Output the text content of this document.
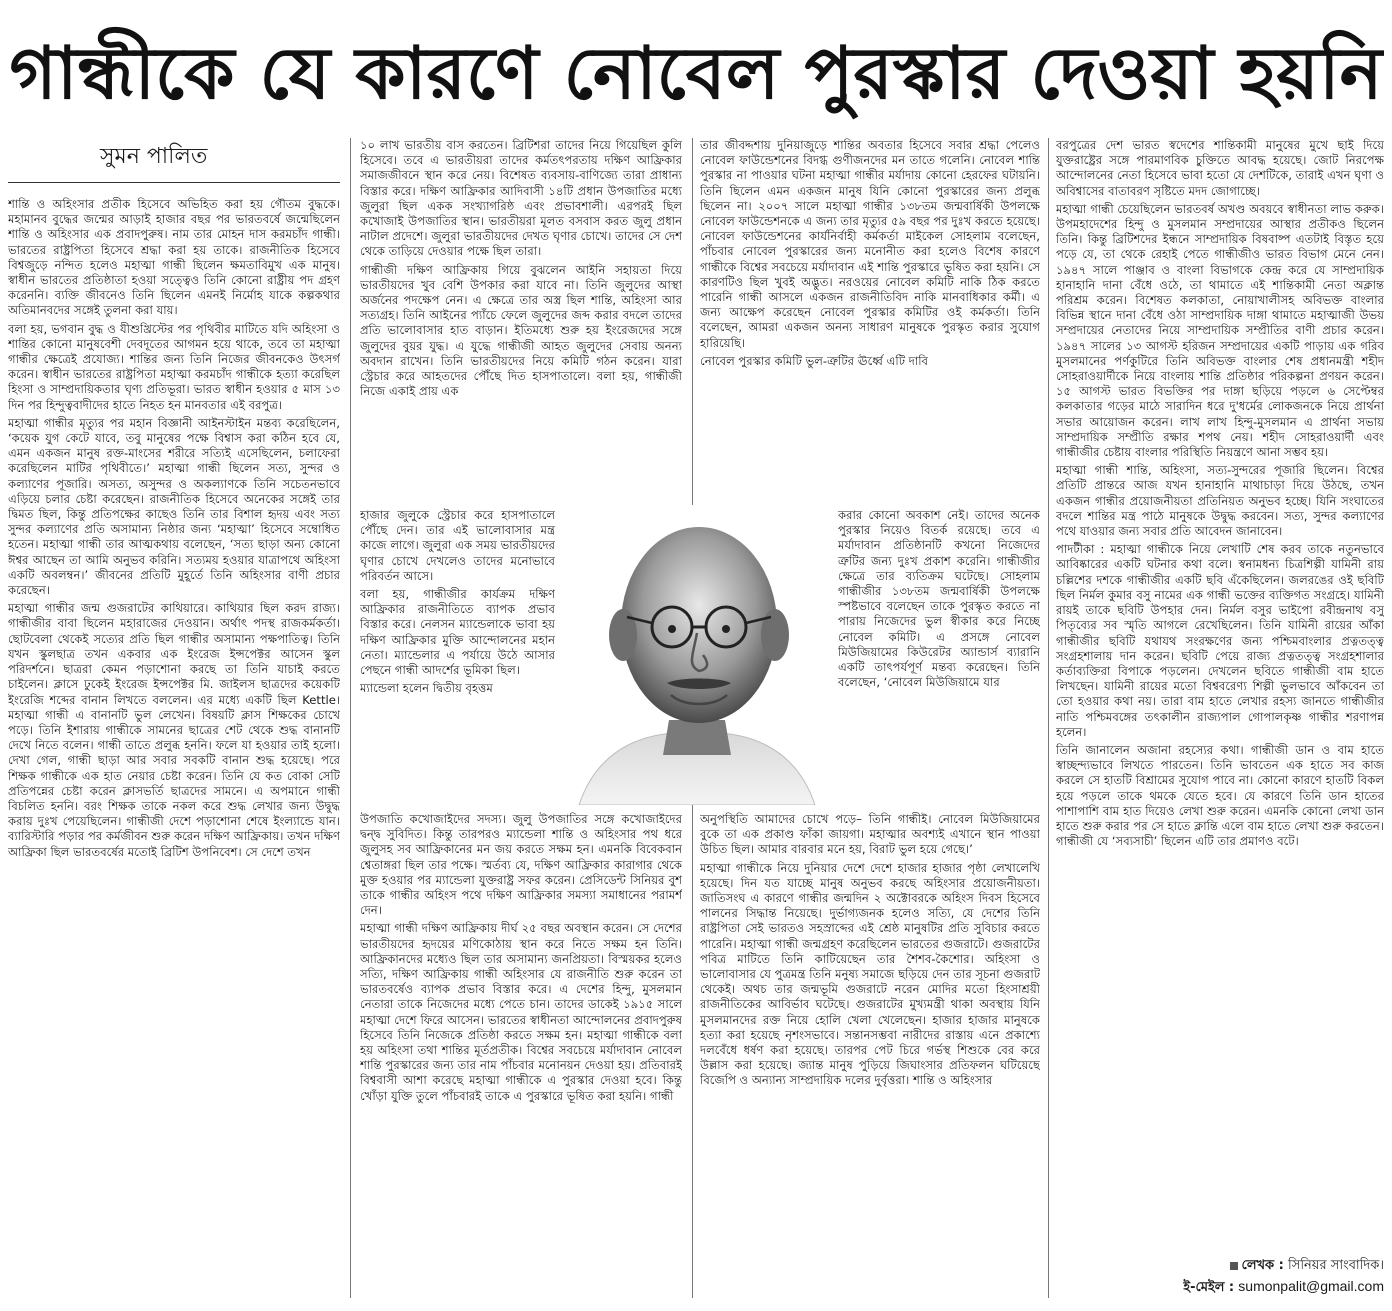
গান্ধীকে যে কারণে নোবেল পুরস্কার দেওয়া হয়নি
সুমন পালিত

শান্তি ও অহিংসার প্রতীক হিসেবে অভিহিত করা হয় গৌতম বুদ্ধকে। মহামানব বুদ্ধের জন্মের আড়াই হাজার বছর পর ভারতবর্ষে জন্মেছিলেন শান্তি ও অহিংসার এক প্রবাদপুরুষ। নাম তার মোহন দাস করমচাঁদ গান্ধী। ভারতের রাষ্ট্রপিতা হিসেবে শ্রদ্ধা করা হয় তাকে। রাজনীতিক হিসেবে বিশ্বজুড়ে নন্দিত হলেও মহাত্মা গান্ধী ছিলেন ক্ষমতাবিমুখ এক মানুষ। স্বাধীন ভারতের প্রতিষ্ঠাতা হওয়া সত্ত্বেও তিনি কোনো রাষ্ট্রীয় পদ গ্রহণ করেননি। ব্যক্তি জীবনেও তিনি ছিলেন এমনই নির্মোহ যাকে কল্পকথার অতিমানবদের সঙ্গেই তুলনা করা যায়।

বলা হয়, ভগবান বুদ্ধ ও যীশুখ্রিস্টের পর পৃথিবীর মাটিতে যদি অহিংসা ও শান্তির কোনো মানুষবেশী দেবদূতের আগমন হয়ে থাকে, তবে তা মহাত্মা গান্ধীর ক্ষেত্রেই প্রযোজ্য। শান্তির জন্য তিনি নিজের জীবনকেও উৎসর্গ করেন। স্বাধীন ভারতের রাষ্ট্রপিতা মহাত্মা করমচাঁদ গান্ধীকে হত্যা করেছিল হিংসা ও সাম্প্রদায়িকতার ঘৃণ্য প্রতিভূরা। ভারত স্বাধীন হওয়ার ৫ মাস ১৩ দিন পর হিন্দুত্ববাদীদের হাতে নিহত হন মানবতার এই বরপুত্র।

মহাত্মা গান্ধীর মৃত্যুর পর মহান বিজ্ঞানী আইনস্টাইন মন্তব্য করেছিলেন, ‘কয়েক যুগ কেটে যাবে, তবু মানুষের পক্ষে বিশ্বাস করা কঠিন হবে যে, এমন একজন মানুষ রক্ত-মাংসের শরীরে সত্যিই এসেছিলেন, চলাফেরা করেছিলেন মাটির পৃথিবীতে।’ মহাত্মা গান্ধী ছিলেন সত্য, সুন্দর ও কল্যাণের পূজারি। অসত্য, অসুন্দর ও অকল্যাণকে তিনি সচেতনভাবে এড়িয়ে চলার চেষ্টা করেছেন। রাজনীতিক হিসেবে অনেকের সঙ্গেই তার দ্বিমত ছিল, কিন্তু প্রতিপক্ষের কাছেও তিনি তার বিশাল হৃদয় এবং সত্য সুন্দর কল্যাণের প্রতি অসামান্য নিষ্ঠার জন্য ‘মহাত্মা’ হিসেবে সম্বোধিত হতেন। মহাত্মা গান্ধী তার আত্মকথায় বলেছেন, ‘সত্য ছাড়া অন্য কোনো ঈশ্বর আছেন তা আমি অনুভব করিনি। সত্যময় হওয়ার যাত্রাপথে অহিংসা একটি অবলম্বন।’ জীবনের প্রতিটি মুহূর্তে তিনি অহিংসার বাণী প্রচার করেছেন।

মহাত্মা গান্ধীর জন্ম গুজরাটের কাথিয়ারে। কাথিয়ার ছিল করদ রাজ্য। গান্ধীজীর বাবা ছিলেন মহারাজের দেওয়ান। অর্থাৎ পদস্থ রাজকর্মকর্তা। ছোটবেলা থেকেই সত্যের প্রতি ছিল গান্ধীর অসামান্য পক্ষপাতিত্ব। তিনি যখন স্কুলছাত্র তখন একবার এক ইংরেজ ইন্সপেক্টর আসেন স্কুল পরিদর্শনে। ছাত্ররা কেমন পড়াশোনা করছে তা তিনি যাচাই করতে চাইলেন। ক্লাসে ঢুকেই ইংরেজ ইন্সপেক্টর মি. জাইলস ছাত্রদের কয়েকটি ইংরেজি শব্দের বানান লিখতে বললেন। এর মধ্যে একটি ছিল Kettle। মহাত্মা গান্ধী এ বানানটি ভুল লেখেন। বিষয়টি ক্লাস শিক্ষকের চোখে পড়ে। তিনি ইশারায় গান্ধীকে সামনের ছাত্রের শেট থেকে শুদ্ধ বানানটি দেখে নিতে বলেন। গান্ধী তাতে প্রলুব্ধ হননি। ফলে যা হওয়ার তাই হলো। দেখা গেল, গান্ধী ছাড়া আর সবার সবকটি বানান শুদ্ধ হয়েছে। পরে শিক্ষক গান্ধীকে এক হাত নেয়ার চেষ্টা করেন। তিনি যে কত বোকা সেটি প্রতিপন্নের চেষ্টা করেন ক্লাসভর্তি ছাত্রদের সামনে। এ অপমানে গান্ধী বিচলিত হননি। বরং শিক্ষক তাকে নকল করে শুদ্ধ লেখার জন্য উদ্বুদ্ধ করায় দুঃখ পেয়েছিলেন। গান্ধীজী দেশে পড়াশোনা শেষে ইংল্যান্ডে যান। ব্যারিস্টারি পড়ার পর কর্মজীবন শুরু করেন দক্ষিণ আফ্রিকায়। তখন দক্ষিণ আফ্রিকা ছিল ভারতবর্ষের মতোই ব্রিটিশ উপনিবেশ। সে দেশে তখন

১০ লাখ ভারতীয় বাস করতেন। ব্রিটিশরা তাদের নিয়ে গিয়েছিল কুলি হিসেবে। তবে এ ভারতীয়রা তাদের কর্মতৎপরতায় দক্ষিণ আফ্রিকার সমাজজীবনে স্থান করে নেয়। বিশেষত ব্যবসায়-বাণিজ্যে তারা প্রাধান্য বিস্তার করে। দক্ষিণ আফ্রিকার আদিবাসী ১৪টি প্রধান উপজাতির মধ্যে জুলুরা ছিল একক সংখ্যাগরিষ্ঠ এবং প্রভাবশালী। এরপরই ছিল কখোজাই উপজাতির স্থান। ভারতীয়রা মূলত বসবাস করত জুলু প্রধান নাটাল প্রদেশে। জুলুরা ভারতীয়দের দেখত ঘৃণার চোখে। তাদের সে দেশ থেকে তাড়িয়ে দেওয়ার পক্ষে ছিল তারা।

গান্ধীজী দক্ষিণ আফ্রিকায় গিয়ে বুঝলেন আইনি সহায়তা দিয়ে ভারতীয়দের খুব বেশি উপকার করা যাবে না। তিনি জুলুদের আস্থা অর্জনের পদক্ষেপ নেন। এ ক্ষেত্রে তার অস্ত্র ছিল শান্তি, অহিংসা আর সত্যগ্রহ। তিনি আইনের প্যাঁচে ফেলে জুলুদের জব্দ করার বদলে তাদের প্রতি ভালোবাসার হাত বাড়ান। ইতিমধ্যে শুরু হয় ইংরেজদের সঙ্গে জুলুদের বুয়র যুদ্ধ। এ যুদ্ধে গান্ধীজী আহত জুলুদের সেবায় অনন্য অবদান রাখেন। তিনি ভারতীয়দের নিয়ে কমিটি গঠন করেন। যারা স্ট্রেচার করে আহতদের পৌঁছে দিত হাসপাতালে। বলা হয়, গান্ধীজী নিজে একাই প্রায় এক

হাজার জুলুকে স্ট্রেচার করে হাসপাতালে পৌঁছে দেন। তার এই ভালোবাসার মন্ত্র কাজে লাগে। জুলুরা এক সময় ভারতীয়দের ঘৃণার চোখে দেখলেও তাদের মনোভাবে পরিবর্তন আসে।

বলা হয়, গান্ধীজীর কার্যক্রম দক্ষিণ আফ্রিকার রাজনীতিতে ব্যাপক প্রভাব বিস্তার করে। নেলসন ম্যান্ডেলাকে ভাবা হয় দক্ষিণ আফ্রিকার মুক্তি আন্দোলনের মহান নেতা। ম্যান্ডেলার এ পর্যায়ে উঠে আসার পেছনে গান্ধী আদর্শের ভূমিকা ছিল।

ম্যান্ডেলা হলেন দ্বিতীয় বৃহত্তম

উপজাতি কখোজাইদের সদস্য। জুলু উপজাতির সঙ্গে কখোজাইদের দ্বন্দ্ব সুবিদিত। কিন্তু তারপরও ম্যান্ডেলা শান্তি ও অহিংসার পথ ধরে জুলুসহ সব আফ্রিকানের মন জয় করতে সক্ষম হন। এমনকি বিবেকবান শ্বেতাঙ্গরা ছিল তার পক্ষে। স্মর্তব্য যে, দক্ষিণ আফ্রিকার কারাগার থেকে মুক্ত হওয়ার পর ম্যান্ডেলা যুক্তরাষ্ট্র সফর করেন। প্রেসিডেন্ট সিনিয়র বুশ তাকে গান্ধীর অহিংস পথে দক্ষিণ আফ্রিকার সমস্যা সমাধানের পরামর্শ দেন।

মহাত্মা গান্ধী দক্ষিণ আফ্রিকায় দীর্ঘ ২৫ বছর অবস্থান করেন। সে দেশের ভারতীয়দের হৃদয়ের মণিকোঠায় স্থান করে নিতে সক্ষম হন তিনি। আফ্রিকানদের মধ্যেও ছিল তার অসামান্য জনপ্রিয়তা। বিস্ময়কর হলেও সত্যি, দক্ষিণ আফ্রিকায় গান্ধী অহিংসার যে রাজনীতি শুরু করেন তা ভারতবর্ষেও ব্যাপক প্রভাব বিস্তার করে। এ দেশের হিন্দু, মুসলমান নেতারা তাকে নিজেদের মধ্যে পেতে চান। তাদের ডাকেই ১৯১৫ সালে মহাত্মা দেশে ফিরে আসেন। ভারতের স্বাধীনতা আন্দোলনের প্রবাদপুরুষ হিসেবে তিনি নিজেকে প্রতিষ্ঠা করতে সক্ষম হন। মহাত্মা গান্ধীকে বলা হয় অহিংসা তথা শান্তির মূর্তপ্রতীক। বিশ্বের সবচেয়ে মর্যাদাবান নোবেল শান্তি পুরস্কারের জন্য তার নাম পাঁচবার মনোনয়ন দেওয়া হয়। প্রতিবারই বিশ্ববাসী আশা করেছে মহাত্মা গান্ধীকে এ পুরস্কার দেওয়া হবে। কিন্তু খোঁড়া যুক্তি তুলে পাঁচবারই তাকে এ পুরস্কারে ভূষিত করা হয়নি। গান্ধী

তার জীবদ্দশায় দুনিয়াজুড়ে শান্তির অবতার হিসেবে সবার শ্রদ্ধা পেলেও নোবেল ফাউন্ডেশনের বিদগ্ধ গুণীজনদের মন তাতে গলেনি। নোবেল শান্তি পুরস্কার না পাওয়ার ঘটনা মহাত্মা গান্ধীর মর্যাদায় কোনো হেরফের ঘটায়নি। তিনি ছিলেন এমন একজন মানুষ যিনি কোনো পুরস্কারের জন্য প্রলুব্ধ ছিলেন না। ২০০৭ সালে মহাত্মা গান্ধীর ১৩৮তম জন্মবার্ষিকী উপলক্ষে নোবেল ফাউন্ডেশনকে এ জন্য তার মৃত্যুর ৫৯ বছর পর দুঃখ করতে হয়েছে। নোবেল ফাউন্ডেশনের কার্যনির্বাহী কর্মকর্তা মাইকেল সোহলাম বলেছেন, পাঁচবার নোবেল পুরস্কারের জন্য মনোনীত করা হলেও বিশেষ কারণে গান্ধীকে বিশ্বের সবচেয়ে মর্যাদাবান এই শান্তি পুরস্কারে ভূষিত করা হয়নি। সে কারণটিও ছিল খুবই অদ্ভুত। নরওয়ের নোবেল কমিটি নাকি ঠিক করতে পারেনি গান্ধী আসলে একজন রাজনীতিবিদ নাকি মানবাধিকার কর্মী। এ জন্য আক্ষেপ করেছেন নোবেল পুরস্কার কমিটির ওই কর্মকর্তা। তিনি বলেছেন, আমরা একজন অনন্য সাধারণ মানুষকে পুরস্কৃত করার সুযোগ হারিয়েছি।

নোবেল পুরস্কার কমিটি ভুল-ত্রুটির ঊর্ধ্বে এটি দাবি

করার কোনো অবকাশ নেই। তাদের অনেক পুরস্কার নিয়েও বিতর্ক রয়েছে। তবে এ মর্যাদাবান প্রতিষ্ঠানটি কখনো নিজেদের ত্রুটির জন্য দুঃখ প্রকাশ করেনি। গান্ধীজীর ক্ষেত্রে তার ব্যতিক্রম ঘটেছে। সোহলাম গান্ধীজীর ১৩৮তম জন্মবার্ষিকী উপলক্ষে স্পষ্টভাবে বলেছেন তাকে পুরস্কৃত করতে না পারায় নিজেদের ভুল স্বীকার করে নিচ্ছে নোবেল কমিটি। এ প্রসঙ্গে নোবেল মিউজিয়ামের কিউরেটর অ্যান্ডার্স ব্যারানি একটি তাৎপর্যপূর্ণ মন্তব্য করেছেন। তিনি বলেছেন, ‘নোবেল মিউজিয়ামে যার

অনুপস্থিতি আমাদের চোখে পড়ে– তিনি গান্ধীই। নোবেল মিউজিয়ামের বুকে তা এক প্রকাণ্ড ফাঁকা জায়গা। মহাত্মার অবশ্যই এখানে স্থান পাওয়া উচিত ছিল। আমার বারবার মনে হয়, বিরাট ভুল হয়ে গেছে।’

মহাত্মা গান্ধীকে নিয়ে দুনিয়ার দেশে দেশে হাজার হাজার পৃষ্ঠা লেখালেখি হয়েছে। দিন যত যাচ্ছে মানুষ অনুভব করছে অহিংসার প্রয়োজনীয়তা। জাতিসংঘ এ কারণে গান্ধীর জন্মদিন ২ অক্টোবরকে অহিংস দিবস হিসেবে পালনের সিদ্ধান্ত নিয়েছে। দুর্ভাগ্যজনক হলেও সত্যি, যে দেশের তিনি রাষ্ট্রপিতা সেই ভারতও সহস্রাব্দের এই শ্রেষ্ঠ মানুষটির প্রতি সুবিচার করতে পারেনি। মহাত্মা গান্ধী জন্মগ্রহণ করেছিলেন ভারতের গুজরাটে। গুজরাটের পবিত্র মাটিতে তিনি কাটিয়েছেন তার শৈশব-কৈশোর। অহিংসা ও ভালোবাসার যে পুত্রমন্ত্র তিনি মনুষ্য সমাজে ছড়িয়ে দেন তার সূচনা গুজরাট থেকেই। অথচ তার জন্মভূমি গুজরাটে নরেন মোদির মতো হিংসাশ্রয়ী রাজনীতিকের আবির্ভাব ঘটেছে। গুজরাটের মুখ্যমন্ত্রী থাকা অবস্থায় যিনি মুসলমানদের রক্ত নিয়ে হোলি খেলা খেলেছেন। হাজার হাজার মানুষকে হত্যা করা হয়েছে নৃশংসভাবে। সন্তানসম্ভবা নারীদের রাস্তায় এনে প্রকাশ্যে দলবেঁধে ধর্ষণ করা হয়েছে। তারপর পেট চিরে গর্ভস্থ শিশুকে বের করে উল্লাস করা হয়েছে। জ্যান্ত মানুষ পুড়িয়ে জিঘাংসার প্রতিফলন ঘটিয়েছে বিজেপি ও অন্যান্য সাম্প্রদায়িক দলের দুর্বৃত্তরা। শান্তি ও অহিংসার

বরপুত্রের দেশ ভারত স্বদেশের শান্তিকামী মানুষের মুখে ছাই দিয়ে যুক্তরাষ্ট্রের সঙ্গে পারমাণবিক চুক্তিতে আবদ্ধ হয়েছে। জোট নিরপেক্ষ আন্দোলনের নেতা হিসেবে ভাবা হতো যে দেশটিকে, তারাই এখন ঘৃণা ও অবিশ্বাসের বাতাবরণ সৃষ্টিতে মদদ জোগাচ্ছে।

মহাত্মা গান্ধী চেয়েছিলেন ভারতবর্ষ অখণ্ড অবয়বে স্বাধীনতা লাভ করুক। উপমহাদেশের হিন্দু ও মুসলমান সম্প্রদায়ের আস্থার প্রতীকও ছিলেন তিনি। কিন্তু ব্রিটিশদের ইন্ধনে সাম্প্রদায়িক বিষবাষ্প এতটাই বিস্তৃত হয়ে পড়ে যে, তা থেকে রেহাই পেতে গান্ধীজীও ভারত বিভাগ মেনে নেন। ১৯৪৭ সালে পাঞ্জাব ও বাংলা বিভাগকে কেন্দ্র করে যে সাম্প্রদায়িক হানাহানি দানা বেঁধে ওঠে, তা থামাতে এই শান্তিকামী নেতা অক্লান্ত পরিশ্রম করেন। বিশেষত কলকাতা, নোয়াখালীসহ অবিভক্ত বাংলার বিভিন্ন স্থানে দানা বেঁধে ওঠা সাম্প্রদায়িক দাঙ্গা থামাতে মহাত্মাজী উভয় সম্প্রদায়ের নেতাদের নিয়ে সাম্প্রদায়িক সম্প্রীতির বাণী প্রচার করেন। ১৯৪৭ সালের ১৩ আগস্ট হরিজন সম্প্রদায়ের একটি পাড়ায় এক গরিব মুসলমানের পর্ণকুটিরে তিনি অবিভক্ত বাংলার শেষ প্রধানমন্ত্রী শহীদ সোহরাওয়ার্দীকে নিয়ে বাংলায় শান্তি প্রতিষ্ঠার পরিকল্পনা প্রণয়ন করেন। ১৫ আগস্ট ভারত বিভক্তির পর দাঙ্গা ছড়িয়ে পড়লে ৬ সেপ্টেম্বর কলকাতার গড়ের মাঠে সারাদিন ধরে দু'ধর্মের লোকজনকে নিয়ে প্রার্থনা সভার আয়োজন করেন। লাখ লাখ হিন্দু-মুসলমান এ প্রার্থনা সভায় সাম্প্রদায়িক সম্প্রীতি রক্ষার শপথ নেয়। শহীদ সোহরাওয়ার্দী এবং গান্ধীজীর চেষ্টায় বাংলার পরিস্থিতি নিয়ন্ত্রণে আনা সম্ভব হয়।

মহাত্মা গান্ধী শান্তি, অহিংসা, সত্য-সুন্দরের পূজারি ছিলেন। বিশ্বের প্রতিটি প্রান্তরে আজ যখন হানাহানি মাথাচাড়া দিয়ে উঠছে, তখন একজন গান্ধীর প্রয়োজনীয়তা প্রতিনিয়ত অনুভব হচ্ছে। যিনি সংঘাতের বদলে শান্তির মন্ত্র পাঠে মানুষকে উদ্বুদ্ধ করবেন। সত্য, সুন্দর কল্যাণের পথে যাওয়ার জন্য সবার প্রতি আবেদন জানাবেন।

পাদটীকা : মহাত্মা গান্ধীকে নিয়ে লেখাটি শেষ করব তাকে নতুনভাবে আবিষ্কারের একটি ঘটনার কথা বলে। স্বনামধন্য চিত্রশিল্পী যামিনী রায় চল্লিশের দশকে গান্ধীজীর একটি ছবি এঁকেছিলেন। জলরঙের ওই ছবিটি ছিল নির্মল কুমার বসু নামের এক গান্ধী ভক্তের ব্যক্তিগত সংগ্রহে। যামিনী রায়ই তাকে ছবিটি উপহার দেন। নির্মল বসুর ভাইপো রবীন্দ্রনাথ বসু পিতৃব্যের সব স্মৃতি আগলে রেখেছিলেন। তিনি যামিনী রায়ের আঁকা গান্ধীজীর ছবিটি যথাযথ সংরক্ষণের জন্য পশ্চিমবাংলার প্রত্নতত্ত্ব সংগ্রহশালায় দান করেন। ছবিটি পেয়ে রাজ্য প্রত্নতত্ত্ব সংগ্রহশালার কর্তাব্যক্তিরা বিপাকে পড়লেন। দেখলেন ছবিতে গান্ধীজী বাম হাতে লিখছেন। যামিনী রায়ের মতো বিশ্ববরেণ্য শিল্পী ভুলভাবে আঁকবেন তা তো হওয়ার কথা নয়। তারা বাম হাতে লেখার রহস্য জানতে গান্ধীজীর নাতি পশ্চিমবঙ্গের তৎকালীন রাজ্যপাল গোপালকৃষ্ণ গান্ধীর শরণাপন্ন হলেন।

তিনি জানালেন অজানা রহস্যের কথা। গান্ধীজী ডান ও বাম হাতে স্বাচ্ছন্দ্যভাবে লিখতে পারতেন। তিনি ভাবতেন এক হাতে সব কাজ করলে সে হাতটি বিশ্রামের সুযোগ পাবে না। কোনো কারণে হাতটি বিকল হয়ে পড়লে তাকে থমকে যেতে হবে। যে কারণে তিনি ডান হাতের পাশাপাশি বাম হাত দিয়েও লেখা শুরু করেন। এমনকি কোনো লেখা ডান হাতে শুরু করার পর সে হাতে ক্লান্তি এলে বাম হাতে লেখা শুরু করতেন। গান্ধীজী যে ‘সব্যসাচী’ ছিলেন এটি তার প্রমাণও বটে।

লেখক : সিনিয়র সাংবাদিক।
ই-মেইল : sumonpalit@gmail.com
